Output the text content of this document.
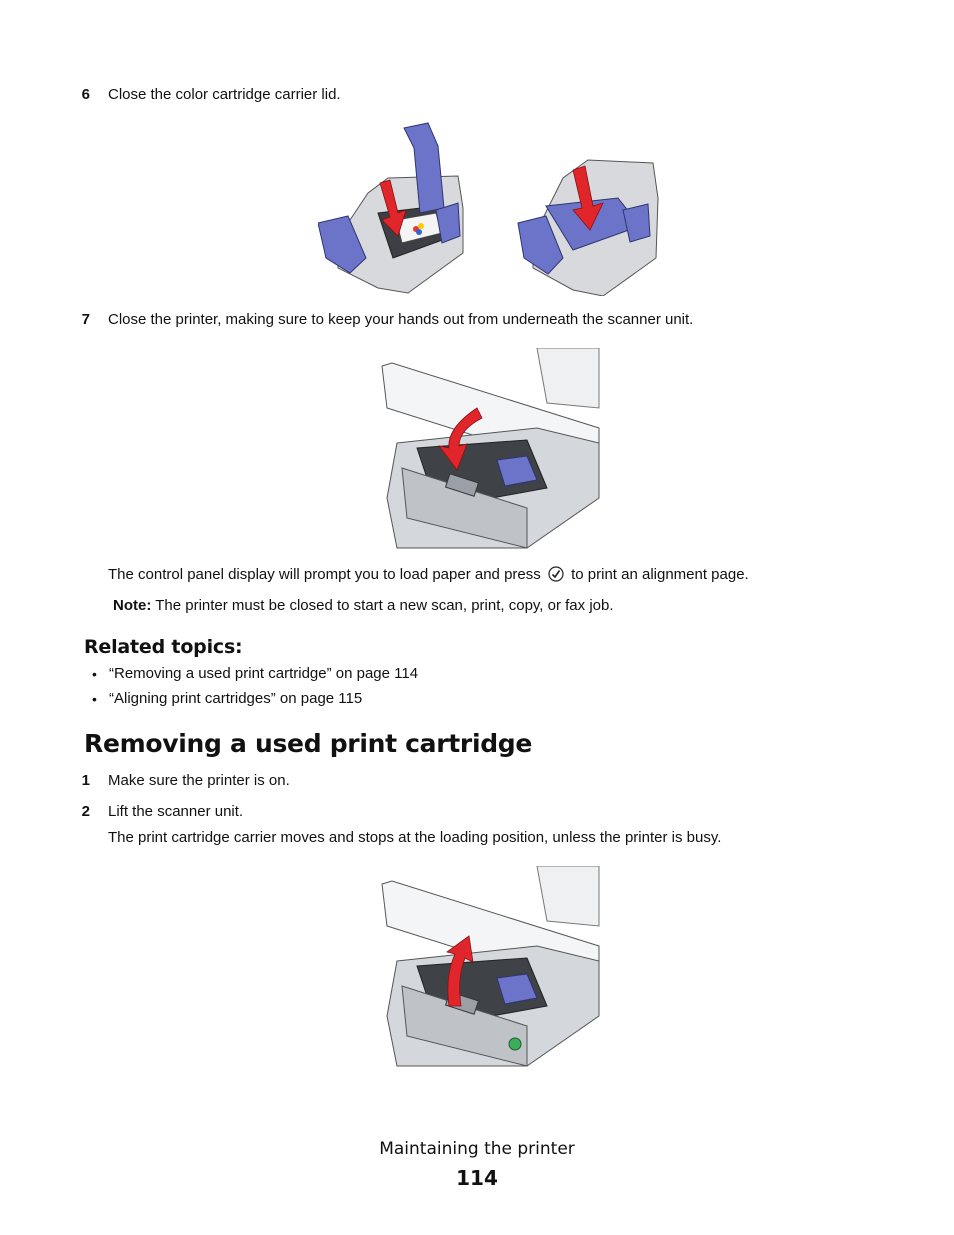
6 Close the color cartridge carrier lid.
7 Close the printer, making sure to keep your hands out from underneath the scanner unit.
The control panel display will prompt you to load paper and press to print an alignment page.
Note: The printer must be closed to start a new scan, print, copy, or fax job.
Related topics:
• “Removing a used print cartridge” on page 114
• “Aligning print cartridges” on page 115
Removing a used print cartridge
1 Make sure the printer is on.
2 Lift the scanner unit.
The print cartridge carrier moves and stops at the loading position, unless the printer is busy.
Maintaining the printer
114
